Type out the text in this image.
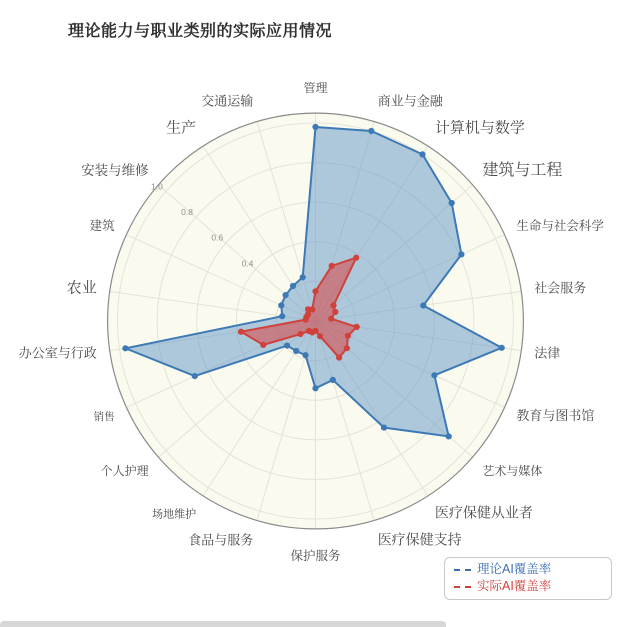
0.4
0.6
0.8
1.0
管理
商业与金融
计算机与数学
建筑与工程
生命与社会科学
社会服务
法律
教育与图书馆
艺术与媒体
医疗保健从业者
医疗保健支持
保护服务
食品与服务
场地维护
个人护理
销售
办公室与行政
农业
建筑
安装与维修
生产
交通运输
理论能力与职业类别的实际应用情况
理论AI覆盖率
实际AI覆盖率
